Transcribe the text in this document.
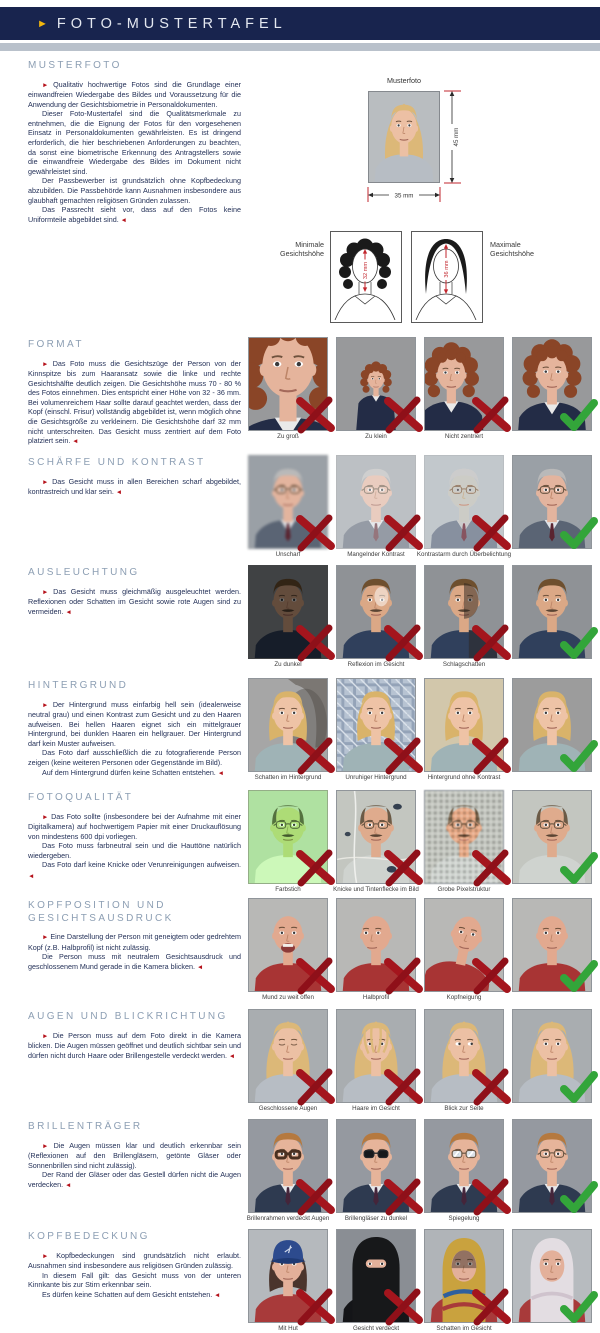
► FOTO-MUSTERTAFEL
MUSTERFOTO

► Qualitativ hochwertige Fotos sind die Grundlage einer einwandfreien Wiedergabe des Bildes und Voraussetzung für die Anwendung der Gesichtsbiometrie in Personaldokumenten.

Dieser Foto-Mustertafel sind die Qualitätsmerkmale zu entnehmen, die die Eignung der Fotos für den vorgesehenen Einsatz in Personaldokumenten gewährleisten. Es ist dringend erforderlich, die hier beschriebenen Anforderungen zu beachten, da sonst eine biometrische Erkennung des Antragstellers sowie die einwandfreie Wiedergabe des Bildes im Dokument nicht gewährleistet sind.

Der Passbewerber ist grundsätzlich ohne Kopfbedeckung abzubilden. Die Passbehörde kann Ausnahmen insbesondere aus glaubhaft gemachten religiösen Gründen zulassen.

Das Passrecht sieht vor, dass auf den Fotos keine Uniformteile abgebildet sind. ◄

Musterfoto
45 mm
35 mm
Minimale
Gesichtshöhe
32 mm	36 mm
Maximale
Gesichtshöhe
FORMAT

► Das Foto muss die Gesichtszüge der Person von der Kinnspitze bis zum Haaransatz sowie die linke und rechte Gesichtshälfte deutlich zeigen. Die Gesichtshöhe muss 70 - 80 % des Fotos einnehmen. Dies entspricht einer Höhe von 32 - 36 mm. Bei volumenreichem Haar sollte darauf geachtet werden, dass der Kopf (einschl. Frisur) vollständig abgebildet ist, wenn möglich ohne die Gesichtsgröße zu verkleinern. Die Gesichtshöhe darf 32 mm nicht unterschreiten. Das Gesicht muss zentriert auf dem Foto platziert sein. ◄

Zu groß	Zu klein	Nicht zentriert
SCHÄRFE UND KONTRAST

► Das Gesicht muss in allen Bereichen scharf abgebildet, kontrastreich und klar sein. ◄

Unscharf	Mangelnder Kontrast Kontrastarm durch Überbelichtung
AUSLEUCHTUNG

► Das Gesicht muss gleichmäßig ausgeleuchtet werden. Reflexionen oder Schatten im Gesicht sowie rote Augen sind zu vermeiden. ◄

Zu dunkel	Reflexion im Gesicht	Schlagschatten
HINTERGRUND

► Der Hintergrund muss einfarbig hell sein (idealerweise neutral grau) und einen Kontrast zum Gesicht und zu den Haaren aufweisen. Bei hellen Haaren eignet sich ein mittelgrauer Hintergrund, bei dunklen Haaren ein hellgrauer. Der Hintergrund darf kein Muster aufweisen.

Das Foto darf ausschließlich die zu fotografierende Person zeigen (keine weiteren Personen oder Gegenstände im Bild).

Auf dem Hintergrund dürfen keine Schatten entstehen. ◄

Schatten im Hintergrund	Unruhiger Hintergrund	Hintergrund ohne Kontrast
FOTOQUALITÄT

► Das Foto sollte (insbesondere bei der Aufnahme mit einer Digitalkamera) auf hochwertigem Papier mit einer Druckauflösung von mindestens 600 dpi vorliegen.

Das Foto muss farbneutral sein und die Hauttöne natürlich wiedergeben.

Das Foto darf keine Knicke oder Verunreinigungen aufweisen. ◄

Farbstich	Knicke und Tintenflecke im Bild	Grobe Pixelstruktur
KOPFPOSITION UND GESICHTSAUSDRUCK

► Eine Darstellung der Person mit geneigtem oder gedrehtem Kopf (z.B. Halbprofil) ist nicht zulässig.

Die Person muss mit neutralem Gesichtsausdruck und geschlossenem Mund gerade in die Kamera blicken. ◄

Mund zu weit offen	Halbprofil	Kopfneigung
AUGEN UND BLICKRICHTUNG

► Die Person muss auf dem Foto direkt in die Kamera blicken. Die Augen müssen geöffnet und deutlich sichtbar sein und dürfen nicht durch Haare oder Brillengestelle verdeckt werden. ◄

Geschlossene Augen	Haare im Gesicht	Blick zur Seite
BRILLENTRÄGER

► Die Augen müssen klar und deutlich erkennbar sein (Reflexionen auf den Brillengläsern, getönte Gläser oder Sonnenbrillen sind nicht zulässig).

Der Rand der Gläser oder das Gestell dürfen nicht die Augen verdecken. ◄

Brillenrahmen verdeckt Augen	Brillengläser zu dunkel	Spiegelung
KOPFBEDECKUNG

► Kopfbedeckungen sind grundsätzlich nicht erlaubt. Ausnahmen sind insbesondere aus religiösen Gründen zulässig.

In diesem Fall gilt: das Gesicht muss von der unteren Kinnkante bis zur Stirn erkennbar sein.

Es dürfen keine Schatten auf dem Gesicht entstehen. ◄

Mit Hut	Gesicht verdeckt	Schatten im Gesicht
